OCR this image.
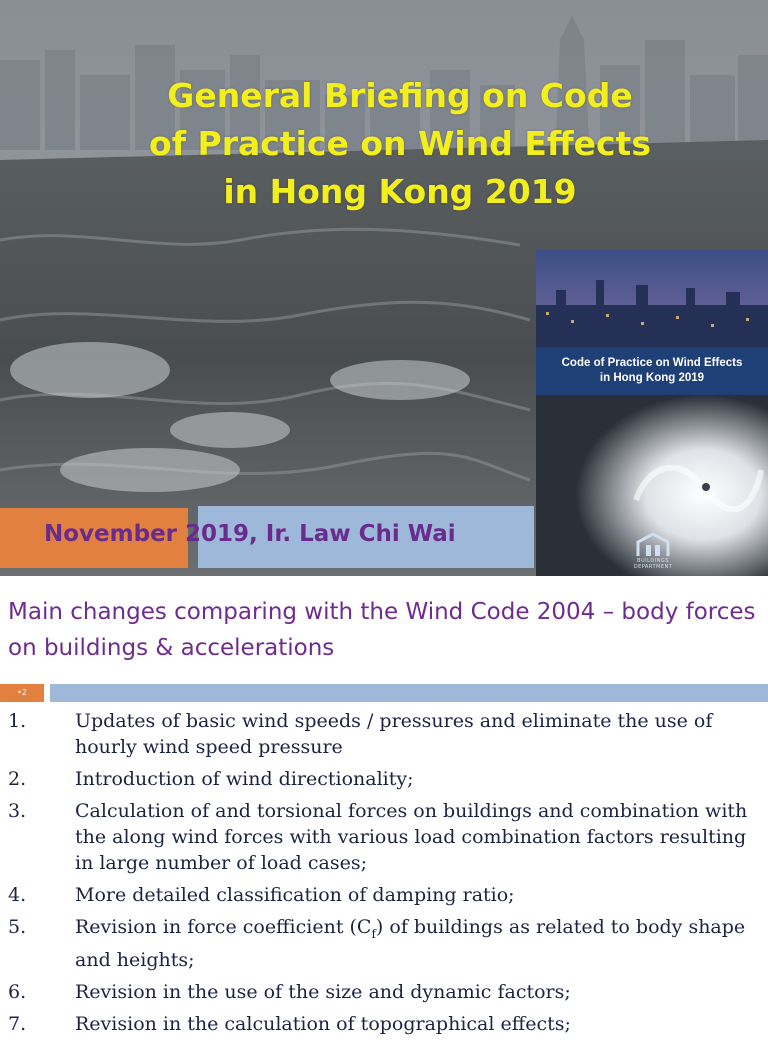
General Briefing on Code
of Practice on Wind Effects
in Hong Kong 2019

November 2019, Ir. Law Chi Wai

Code of Practice on Wind Effects
in Hong Kong 2019
BUILDINGS DEPARTMENT
Main changes comparing with the Wind Code 2004 – body forces on buildings & accelerations
•2
1.	Updates of basic wind speeds / pressures and eliminate the use of hourly wind speed pressure
2.	Introduction of wind directionality;
3.	Calculation of and torsional forces on buildings and combination with the along wind forces with various load combination factors resulting in large number of load cases;
4.	More detailed classification of damping ratio;
5.	Revision in force coefficient $(C_f)$ of buildings as related to body shape and heights;
6.	Revision in the use of the size and dynamic factors;
7.	Revision in the calculation of topographical effects;
